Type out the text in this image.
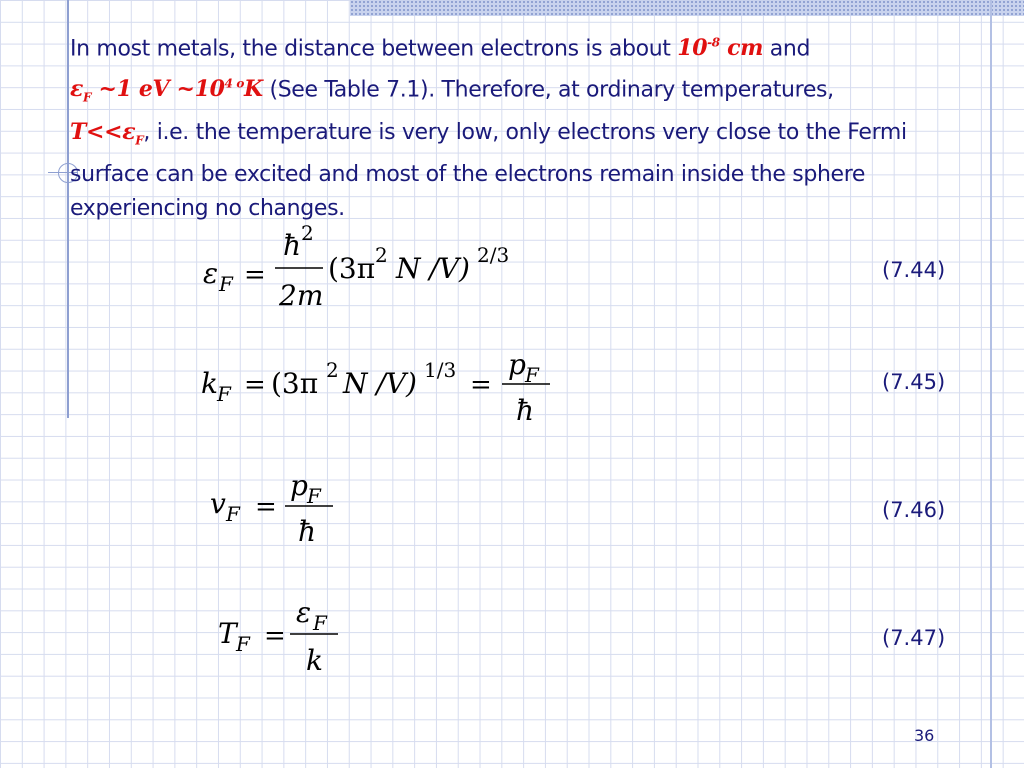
In most metals, the distance between electrons is about $10^{-8}$ cm and
$\varepsilon_F$ ~1 eV $\sim 10^4$ $^o$K (See Table 7.1). Therefore, at ordinary temperatures,
$T<<\varepsilon_F$, i.e. the temperature is very low, only electrons very close to the Fermi surface can be excited and most of the electrons remain inside the sphere experiencing no changes.
ε F =
ħ 2
2m
(3π 2 N /V) 2/3
k F = (3π 2 N /V) 1/3 =
p F
ħ
v F =
p F
ħ
T F =
ε F
k
(7.44)
(7.45)
(7.46)
(7.47)
36
